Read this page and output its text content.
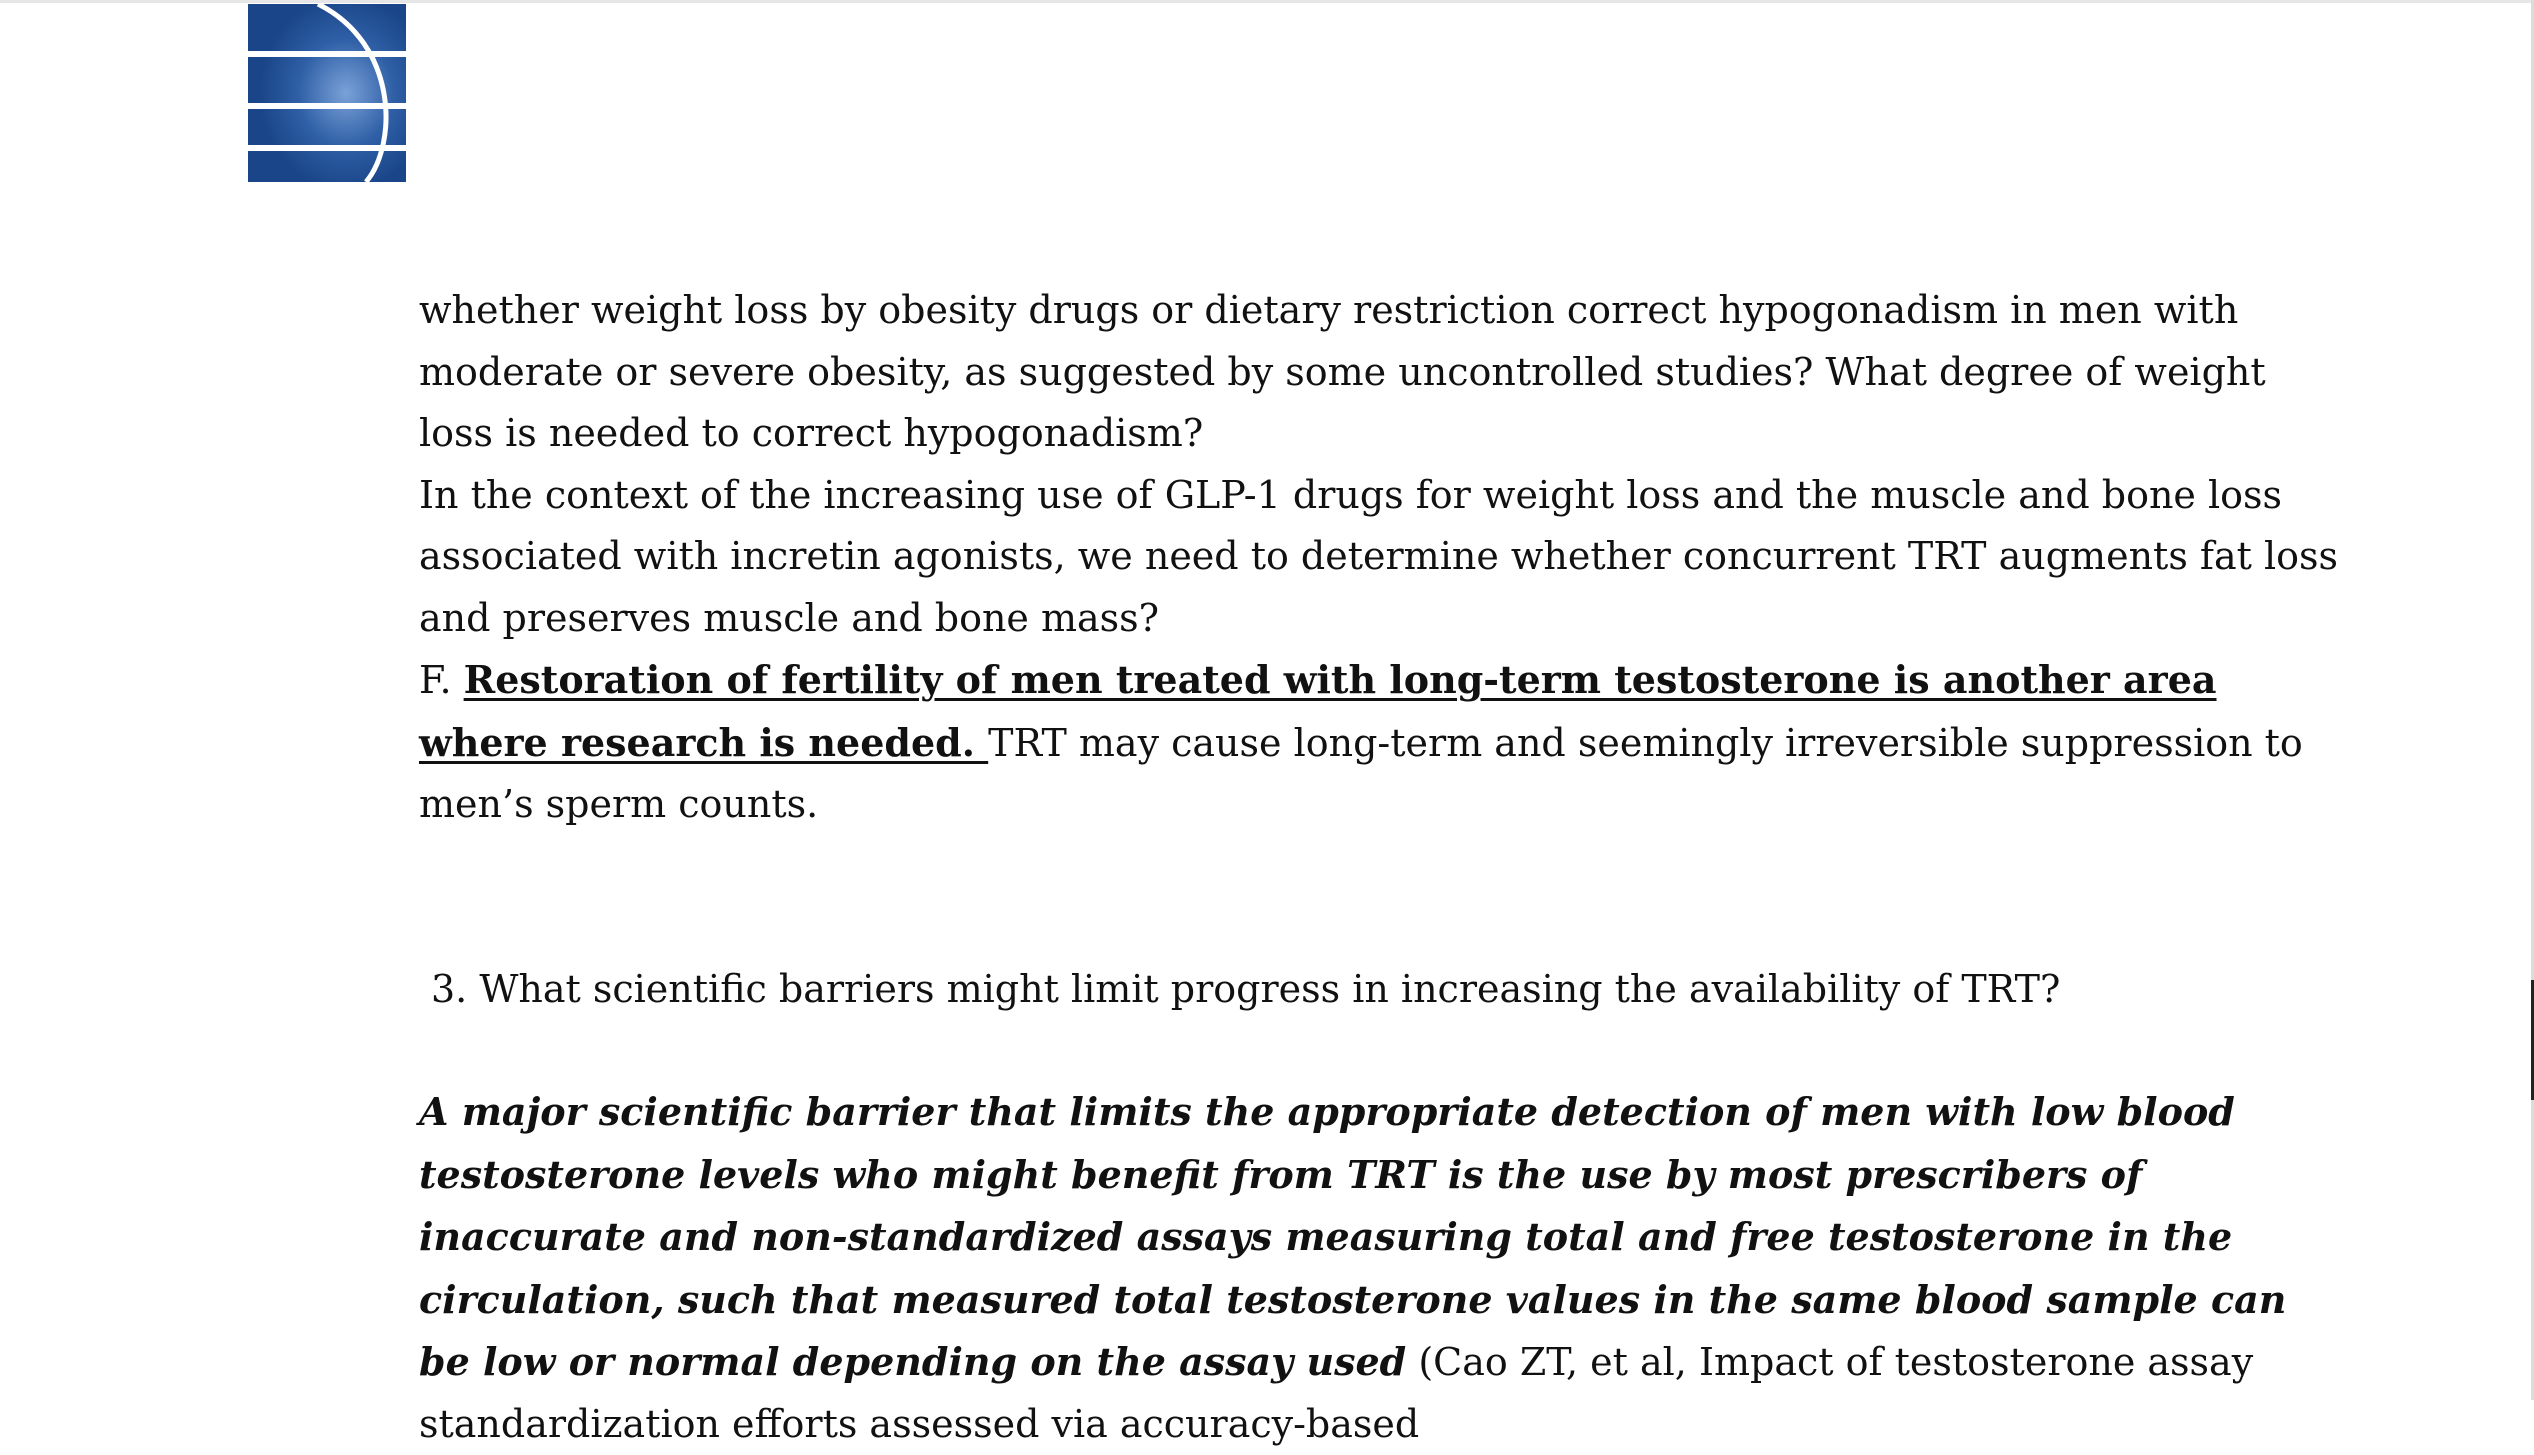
whether weight loss by obesity drugs or dietary restriction correct hypogonadism in men with moderate or severe obesity, as suggested by some uncontrolled studies? What degree of weight loss is needed to correct hypogonadism?

In the context of the increasing use of GLP-1 drugs for weight loss and the muscle and bone loss associated with incretin agonists, we need to determine whether concurrent TRT augments fat loss and preserves muscle and bone mass?

F. Restoration of fertility of men treated with long-term testosterone is another area where research is needed. TRT may cause long-term and seemingly irreversible suppression to men’s sperm counts.

3. What scientific barriers might limit progress in increasing the availability of TRT?

A major scientific barrier that limits the appropriate detection of men with low blood testosterone levels who might benefit from TRT is the use by most prescribers of inaccurate and non-standardized assays measuring total and free testosterone in the circulation, such that measured total testosterone values in the same blood sample can be low or normal depending on the assay used (Cao ZT, et al, Impact of testosterone assay standardization efforts assessed via accuracy-based
